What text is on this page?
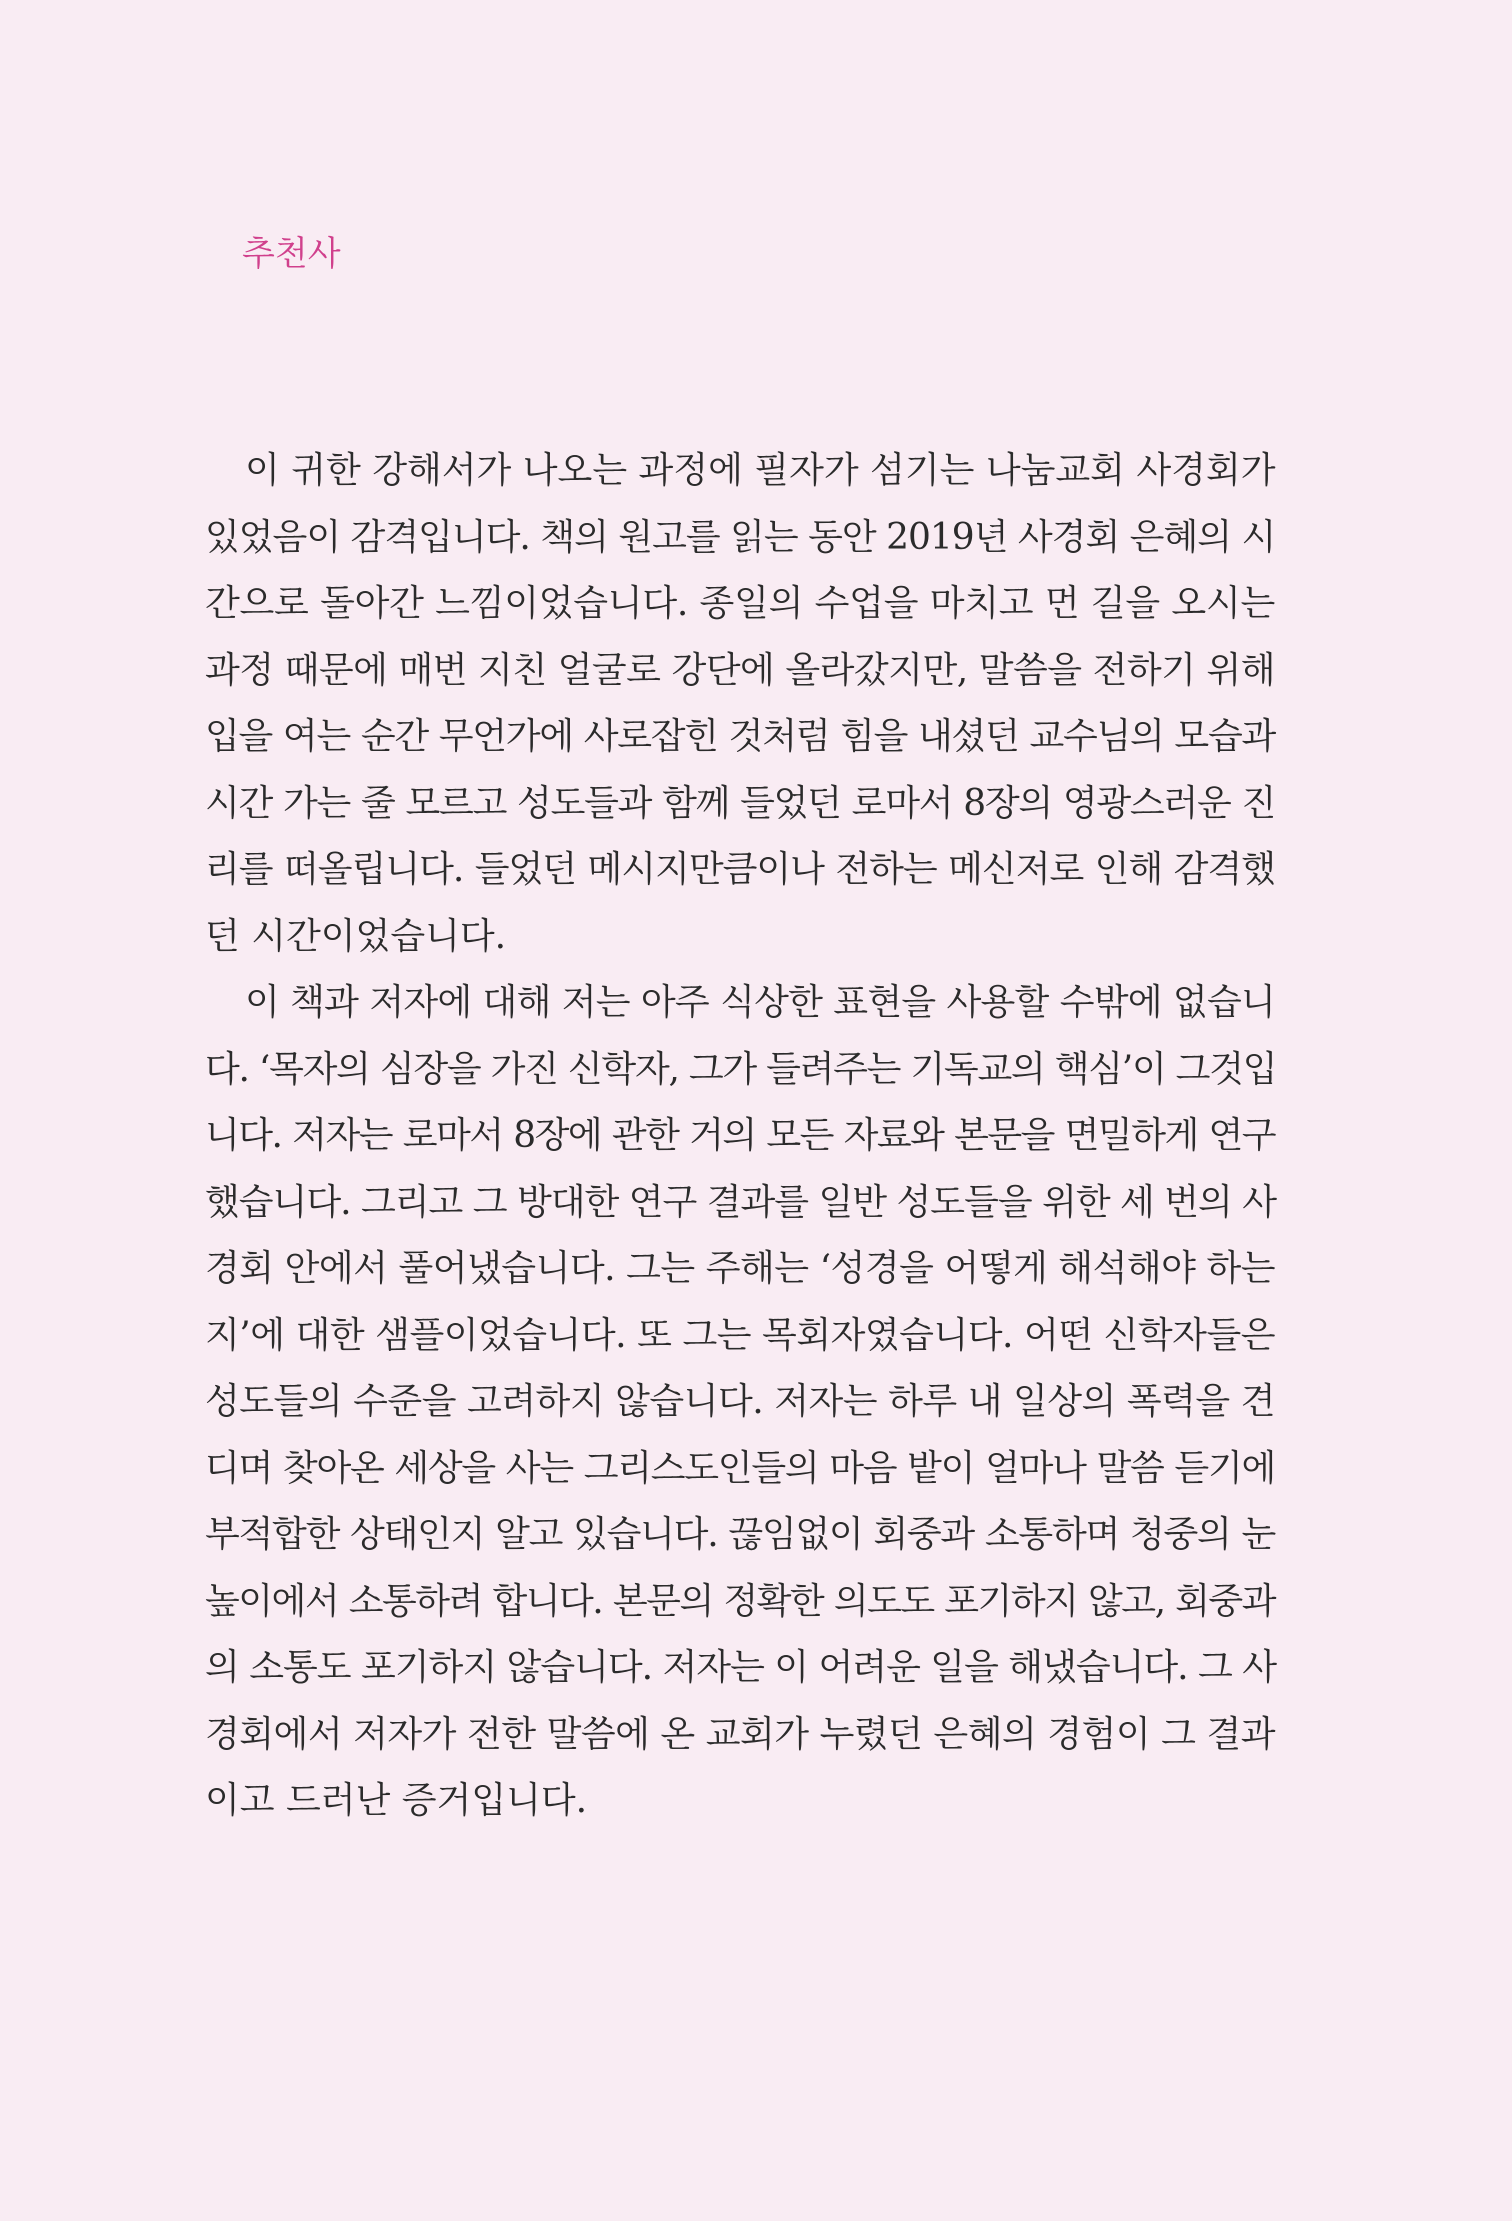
추천사
이 귀한 강해서가 나오는 과정에 필자가 섬기는 나눔교회 사경회가
있었음이 감격입니다. 책의 원고를 읽는 동안 2019년 사경회 은혜의 시
간으로 돌아간 느낌이었습니다. 종일의 수업을 마치고 먼 길을 오시는
과정 때문에 매번 지친 얼굴로 강단에 올라갔지만, 말씀을 전하기 위해
입을 여는 순간 무언가에 사로잡힌 것처럼 힘을 내셨던 교수님의 모습과
시간 가는 줄 모르고 성도들과 함께 들었던 로마서 8장의 영광스러운 진
리를 떠올립니다. 들었던 메시지만큼이나 전하는 메신저로 인해 감격했
던 시간이었습니다.
이 책과 저자에 대해 저는 아주 식상한 표현을 사용할 수밖에 없습니
다. ‘목자의 심장을 가진 신학자, 그가 들려주는 기독교의 핵심’이 그것입
니다. 저자는 로마서 8장에 관한 거의 모든 자료와 본문을 면밀하게 연구
했습니다. 그리고 그 방대한 연구 결과를 일반 성도들을 위한 세 번의 사
경회 안에서 풀어냈습니다. 그는 주해는 ‘성경을 어떻게 해석해야 하는
지’에 대한 샘플이었습니다. 또 그는 목회자였습니다. 어떤 신학자들은
성도들의 수준을 고려하지 않습니다. 저자는 하루 내 일상의 폭력을 견
디며 찾아온 세상을 사는 그리스도인들의 마음 밭이 얼마나 말씀 듣기에
부적합한 상태인지 알고 있습니다. 끊임없이 회중과 소통하며 청중의 눈
높이에서 소통하려 합니다. 본문의 정확한 의도도 포기하지 않고, 회중과
의 소통도 포기하지 않습니다. 저자는 이 어려운 일을 해냈습니다. 그 사
경회에서 저자가 전한 말씀에 온 교회가 누렸던 은혜의 경험이 그 결과
이고 드러난 증거입니다.
